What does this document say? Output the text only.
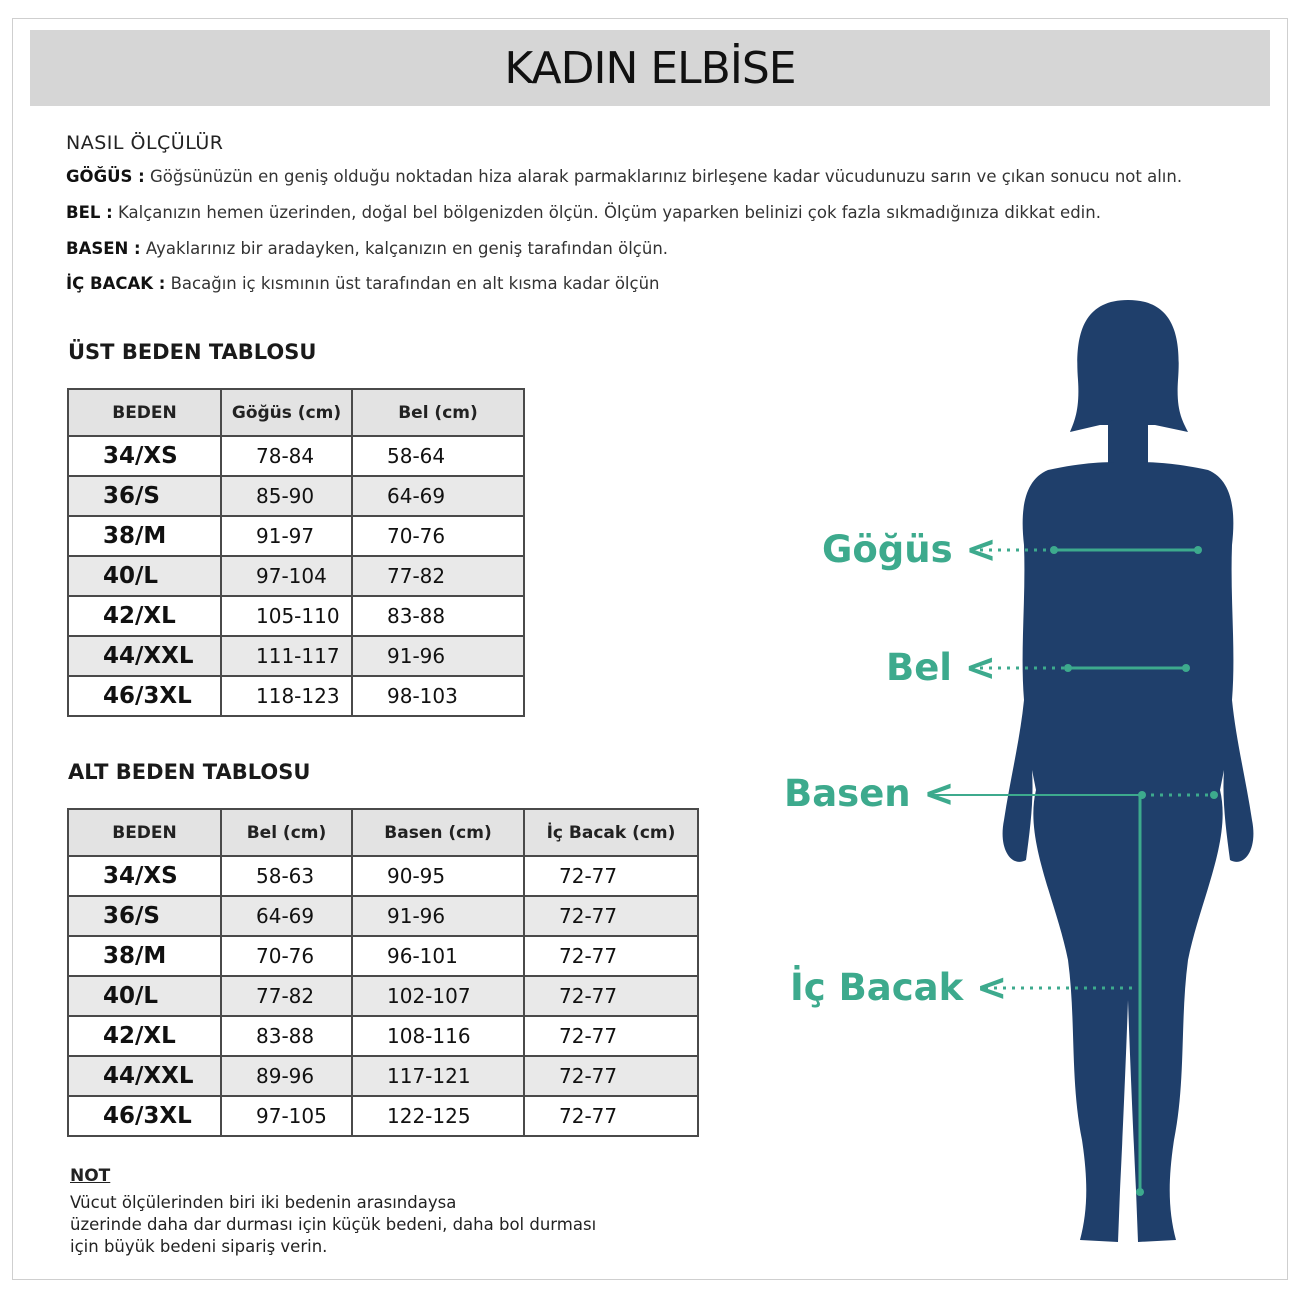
KADIN ELBİSE
NASIL ÖLÇÜLÜR
GÖĞÜS : Göğsünüzün en geniş olduğu noktadan hiza alarak parmaklarınız birleşene kadar vücudunuzu sarın ve çıkan sonucu not alın.
BEL : Kalçanızın hemen üzerinden, doğal bel bölgenizden ölçün. Ölçüm yaparken belinizi çok fazla sıkmadığınıza dikkat edin.
BASEN : Ayaklarınız bir aradayken, kalçanızın en geniş tarafından ölçün.
İÇ BACAK : Bacağın iç kısmının üst tarafından en alt kısma kadar ölçün
ÜST BEDEN TABLOSU
BEDEN	Göğüs (cm)	Bel (cm)
34/XS	78-84	58-64
36/S	85-90	64-69
38/M	91-97	70-76
40/L	97-104	77-82
42/XL	105-110	83-88
44/XXL	111-117	91-96
46/3XL	118-123	98-103
ALT BEDEN TABLOSU
BEDEN	Bel (cm)	Basen (cm)	İç Bacak (cm)
34/XS	58-63	90-95	72-77
36/S	64-69	91-96	72-77
38/M	70-76	96-101	72-77
40/L	77-82	102-107	72-77
42/XL	83-88	108-116	72-77
44/XXL	89-96	117-121	72-77
46/3XL	97-105	122-125	72-77
NOT
Vücut ölçülerinden biri iki bedenin arasındaysa
üzerinde daha dar durması için küçük bedeni, daha bol durması
için büyük bedeni sipariş verin.
Göğüs <
Bel <
Basen <
İç Bacak <
